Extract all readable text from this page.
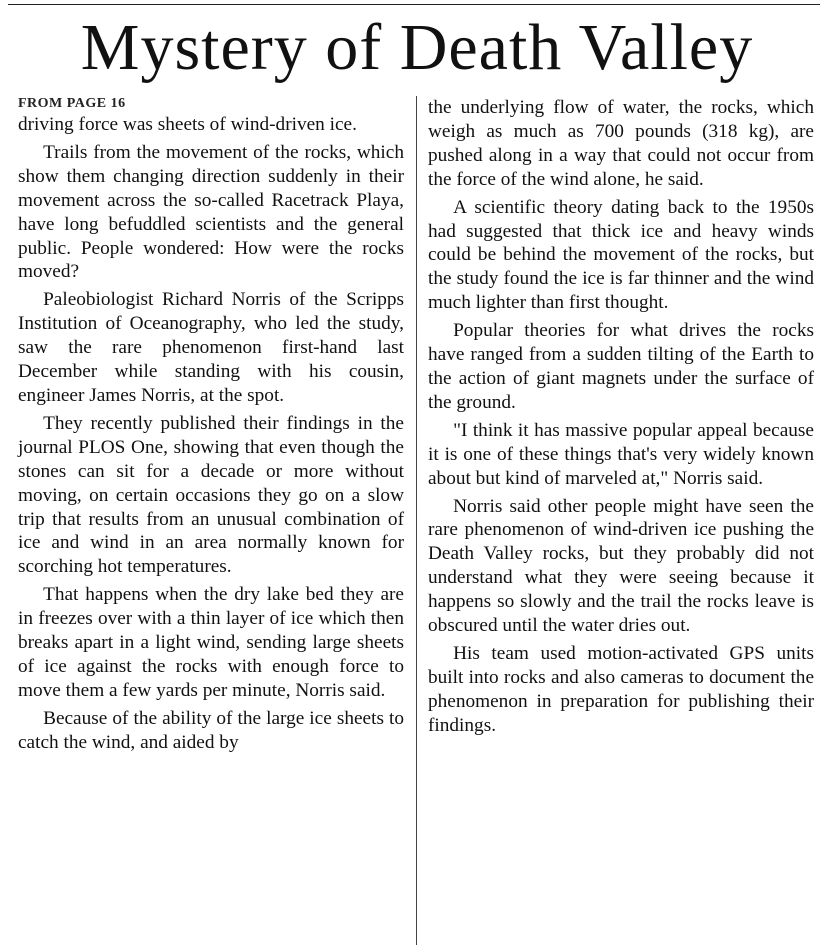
Mystery of Death Valley
FROM PAGE 16

driving force was sheets of wind-driven ice.

Trails from the movement of the rocks, which show them changing direction suddenly in their movement across the so-called Racetrack Playa, have long befuddled scientists and the general public. People wondered: How were the rocks moved?

Paleobiologist Richard Norris of the Scripps Institution of Oceanography, who led the study, saw the rare phenomenon first-hand last December while standing with his cousin, engineer James Norris, at the spot.

They recently published their findings in the journal PLOS One, showing that even though the stones can sit for a decade or more without moving, on certain occasions they go on a slow trip that results from an unusual combination of ice and wind in an area normally known for scorching hot temperatures.

That happens when the dry lake bed they are in freezes over with a thin layer of ice which then breaks apart in a light wind, sending large sheets of ice against the rocks with enough force to move them a few yards per minute, Norris said.

Because of the ability of the large ice sheets to catch the wind, and aided by

the underlying flow of water, the rocks, which weigh as much as 700 pounds (318 kg), are pushed along in a way that could not occur from the force of the wind alone, he said.

A scientific theory dating back to the 1950s had suggested that thick ice and heavy winds could be behind the movement of the rocks, but the study found the ice is far thinner and the wind much lighter than first thought.

Popular theories for what drives the rocks have ranged from a sudden tilting of the Earth to the action of giant magnets under the surface of the ground.

"I think it has massive popular appeal because it is one of these things that's very widely known about but kind of marveled at," Norris said.

Norris said other people might have seen the rare phenomenon of wind-driven ice pushing the Death Valley rocks, but they probably did not understand what they were seeing because it happens so slowly and the trail the rocks leave is obscured until the water dries out.

His team used motion-activated GPS units built into rocks and also cameras to document the phenomenon in preparation for publishing their findings.
